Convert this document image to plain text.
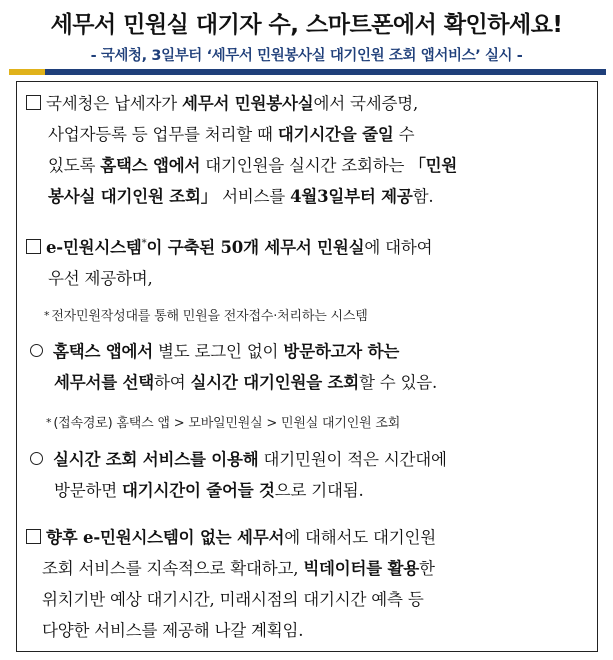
세무서 민원실 대기자 수, 스마트폰에서 확인하세요!
- 국세청, 3일부터 ‘세무서 민원봉사실 대기인원 조회 앱서비스’ 실시 -
국세청은 납세자가 세무서 민원봉사실에서 국세증명,
사업자등록 등 업무를 처리할 때 대기시간을 줄일 수
있도록 홈택스 앱에서 대기인원을 실시간 조회하는 「민원
봉사실 대기인원 조회」 서비스를 4월3일부터 제공함.
e-민원시스템*이 구축된 50개 세무서 민원실에 대하여
우선 제공하며,
* 전자민원작성대를 통해 민원을 전자접수·처리하는 시스템
홈택스 앱에서 별도 로그인 없이 방문하고자 하는
세무서를 선택하여 실시간 대기인원을 조회할 수 있음.
* (접속경로) 홈택스 앱 > 모바일민원실 > 민원실 대기인원 조회
실시간 조회 서비스를 이용해 대기민원이 적은 시간대에
방문하면 대기시간이 줄어들 것으로 기대됨.
향후 e-민원시스템이 없는 세무서에 대해서도 대기인원
조회 서비스를 지속적으로 확대하고, 빅데이터를 활용한
위치기반 예상 대기시간, 미래시점의 대기시간 예측 등
다양한 서비스를 제공해 나갈 계획임.
